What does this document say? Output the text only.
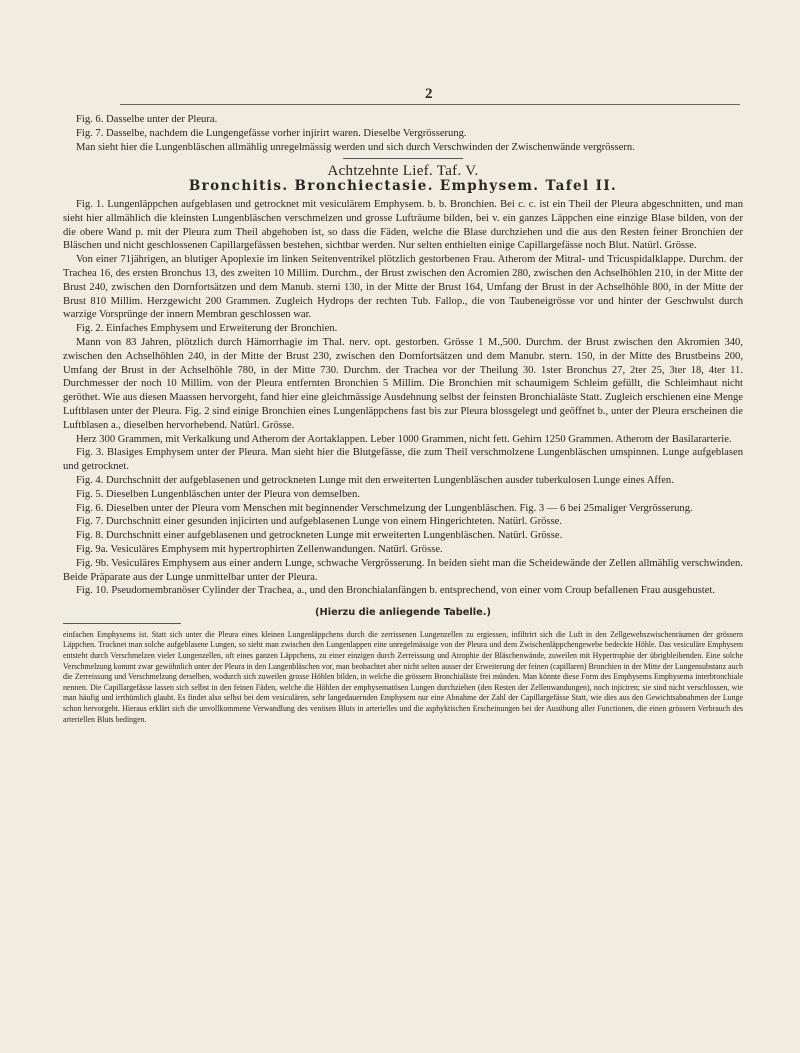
2

Fig. 6. Dasselbe unter der Pleura.

Fig. 7. Dasselbe, nachdem die Lungengefässe vorher injirirt waren. Dieselbe Vergrösserung.

Man sieht hier die Lungenbläschen allmählig unregelmässig werden und sich durch Verschwinden der Zwischenwände vergrössern.

Achtzehnte Lief. Taf. V.
Bronchitis. Bronchiectasie. Emphysem. Tafel II.

Fig. 1. Lungenläppchen aufgeblasen und getrocknet mit vesiculärem Emphysem. b. b. Bronchien. Bei c. c. ist ein Theil der Pleura abgeschnitten, und man sieht hier allmählich die kleinsten Lungenbläschen verschmelzen und grosse Lufträume bilden, bei v. ein ganzes Läppchen eine einzige Blase bilden, von der die obere Wand p. mit der Pleura zum Theil abgehoben ist, so dass die Fäden, welche die Blase durchziehen und die aus den Resten feiner Bronchien der Bläschen und nicht geschlossenen Capillargefässen bestehen, sichtbar werden. Nur selten enthielten einige Capillargefässe noch Blut. Natürl. Grösse.

Von einer 71jährigen, an blutiger Apoplexie im linken Seitenventrikel plötzlich gestorbenen Frau. Atherom der Mitral- und Tricuspidalklappe. Durchm. der Trachea 16, des ersten Bronchus 13, des zweiten 10 Millim. Durchm., der Brust zwischen den Acromien 280, zwischen den Achselhöhlen 210, in der Mitte der Brust 240, zwischen den Dornfortsätzen und dem Manub. sterni 130, in der Mitte der Brust 164, Umfang der Brust in der Achselhöhle 800, in der Mitte der Brust 810 Millim. Herzgewicht 200 Grammen. Zugleich Hydrops der rechten Tub. Fallop., die von Taubeneigrösse vor und hinter der Geschwulst durch warzige Vorsprünge der innern Membran geschlossen war.

Fig. 2. Einfaches Emphysem und Erweiterung der Bronchien.

Mann von 83 Jahren, plötzlich durch Hämorrhagie im Thal. nerv. opt. gestorben. Grösse 1 M.,500. Durchm. der Brust zwischen den Akromien 340, zwischen den Achselhöhlen 240, in der Mitte der Brust 230, zwischen den Dornfortsätzen und dem Manubr. stern. 150, in der Mitte des Brustbeins 200, Umfang der Brust in der Achselhöhle 780, in der Mitte 730. Durchm. der Trachea vor der Theilung 30. 1ster Bronchus 27, 2ter 25, 3ter 18, 4ter 11. Durchmesser der noch 10 Millim. von der Pleura entfernten Bronchien 5 Millim. Die Bronchien mit schaumigem Schleim gefüllt, die Schleimhaut nicht geröthet. Wie aus diesen Maassen hervorgeht, fand hier eine gleichmässige Ausdehnung selbst der feinsten Bronchialäste Statt. Zugleich erschienen eine Menge Luftblasen unter der Pleura. Fig. 2 sind einige Bronchien eines Lungenläppchens fast bis zur Pleura blossgelegt und geöffnet b., unter der Pleura erscheinen die Luftblasen a., dieselben hervorhebend. Natürl. Grösse.

Herz 300 Grammen, mit Verkalkung und Atherom der Aortaklappen. Leber 1000 Grammen, nicht fett. Gehirn 1250 Grammen. Atherom der Basilararterie.

Fig. 3. Blasiges Emphysem unter der Pleura. Man sieht hier die Blutgefässe, die zum Theil verschmolzene Lungenbläschen umspinnen. Lunge aufgeblasen und getrocknet.

Fig. 4. Durchschnitt der aufgeblasenen und getrockneten Lunge mit den erweiterten Lungenbläschen ausder tuberkulosen Lunge eines Affen.

Fig. 5. Dieselben Lungenbläschen unter der Pleura von demselben.

Fig. 6. Dieselben unter der Pleura vom Menschen mit beginnender Verschmelzung der Lungenbläschen. Fig. 3 — 6 bei 25maliger Vergrösserung.

Fig. 7. Durchschnitt einer gesunden injicirten und aufgeblasenen Lunge von einem Hingerichteten. Natürl. Grösse.

Fig. 8. Durchschnitt einer aufgeblasenen und getrockneten Lunge mit erweiterten Lungenbläschen. Natürl. Grösse.

Fig. 9a. Vesiculäres Emphysem mit hypertrophirten Zellenwandungen. Natürl. Grösse.

Fig. 9b. Vesiculäres Emphysem aus einer andern Lunge, schwache Vergrösserung. In beiden sieht man die Scheidewände der Zellen allmählig verschwinden. Beide Präparate aus der Lunge unmittelbar unter der Pleura.

Fig. 10. Pseudomembranöser Cylinder der Trachea, a., und den Bronchialanfängen b. entsprechend, von einer vom Croup befallenen Frau ausgehustet.

(Hierzu die anliegende Tabelle.)

einfachen Emphysems ist. Statt sich unter die Pleura eines kleinen Lungenläppchens durch die zerrissenen Lungenzellen zu ergiessen, infiltrirt sich die Luft in den Zellgewebszwischenräumen der grössern Läppchen. Trocknet man solche aufgeblasene Lungen, so sieht man zwischen den Lungenlappen eine unregelmässige von der Pleura und dem Zwischenläppchengewebe bedeckte Höhle. Das vesiculäre Emphysem entsteht durch Verschmelzen vieler Lungenzellen, oft eines ganzen Läppchens, zu einer einzigen durch Zerreissung und Atrophie der Bläschenwände, zuweilen mit Hypertrophie der übrigbleibenden. Eine solche Verschmelzung kommt zwar gewöhnlich unter der Pleura in den Lungenbläschen vor, man beobachtet aber nicht selten ausser der Erweiterung der feinen (capillaren) Bronchien in der Mitte der Lungensubstanz auch die Zerreissung und Verschmelzung derselben, wodurch sich zuweilen grosse Höhlen bilden, in welche die grössern Bronchialäste frei münden. Man könnte diese Form des Emphysems Emphysema interbronchiale nennen. Die Capillargefässe lassen sich selbst in den feinen Fäden, welche die Höhlen der emphysematösen Lungen durchziehen (den Resten der Zellenwandungen), noch injiciren; sie sind nicht verschlossen, wie man häufig und irrthümlich glaubt. Es findet also selbst bei dem vesiculären, sehr langedauernden Emphysem nur eine Abnahme der Zahl der Capillargefässe Statt, wie dies aus den Gewichtsabnahmen der Lunge schon hervorgeht. Hieraus erklärt sich die unvollkommene Verwandlung des venösen Bluts in arterielles und die asphyktischen Erscheinungen bei der Ausübung aller Functionen, die einen grössern Verbrauch des arteriellen Bluts bedingen.
